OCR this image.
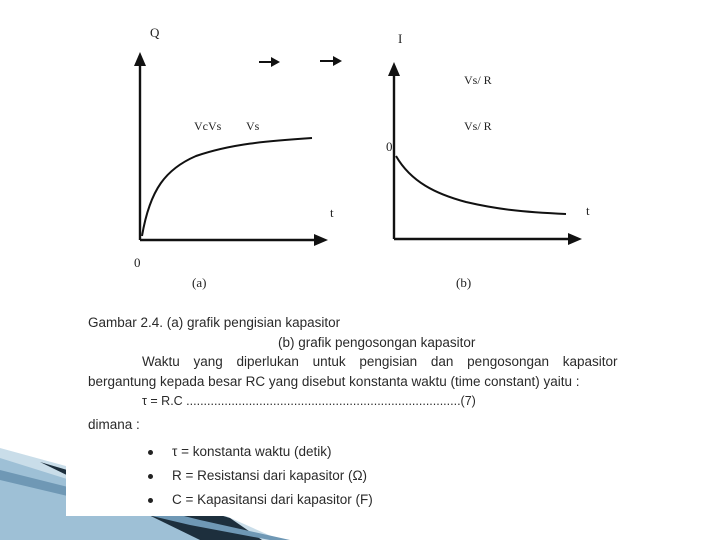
Q
t
0
VcVs Vs
(a)
I
t
0
Vs/ R
Vs/ R
(b)
Gambar 2.4. (a) grafik pengisian kapasitor
(b) grafik pengosongan kapasitor
Waktu yang diperlukan untuk pengisian dan pengosongan kapasitor
bergantung kepada besar RC yang disebut konstanta waktu (time constant) yaitu :
τ = R.C ...............................................................................(7)
dimana :
τ = konstanta waktu (detik)
R = Resistansi dari kapasitor (Ω)
C = Kapasitansi dari kapasitor (F)
